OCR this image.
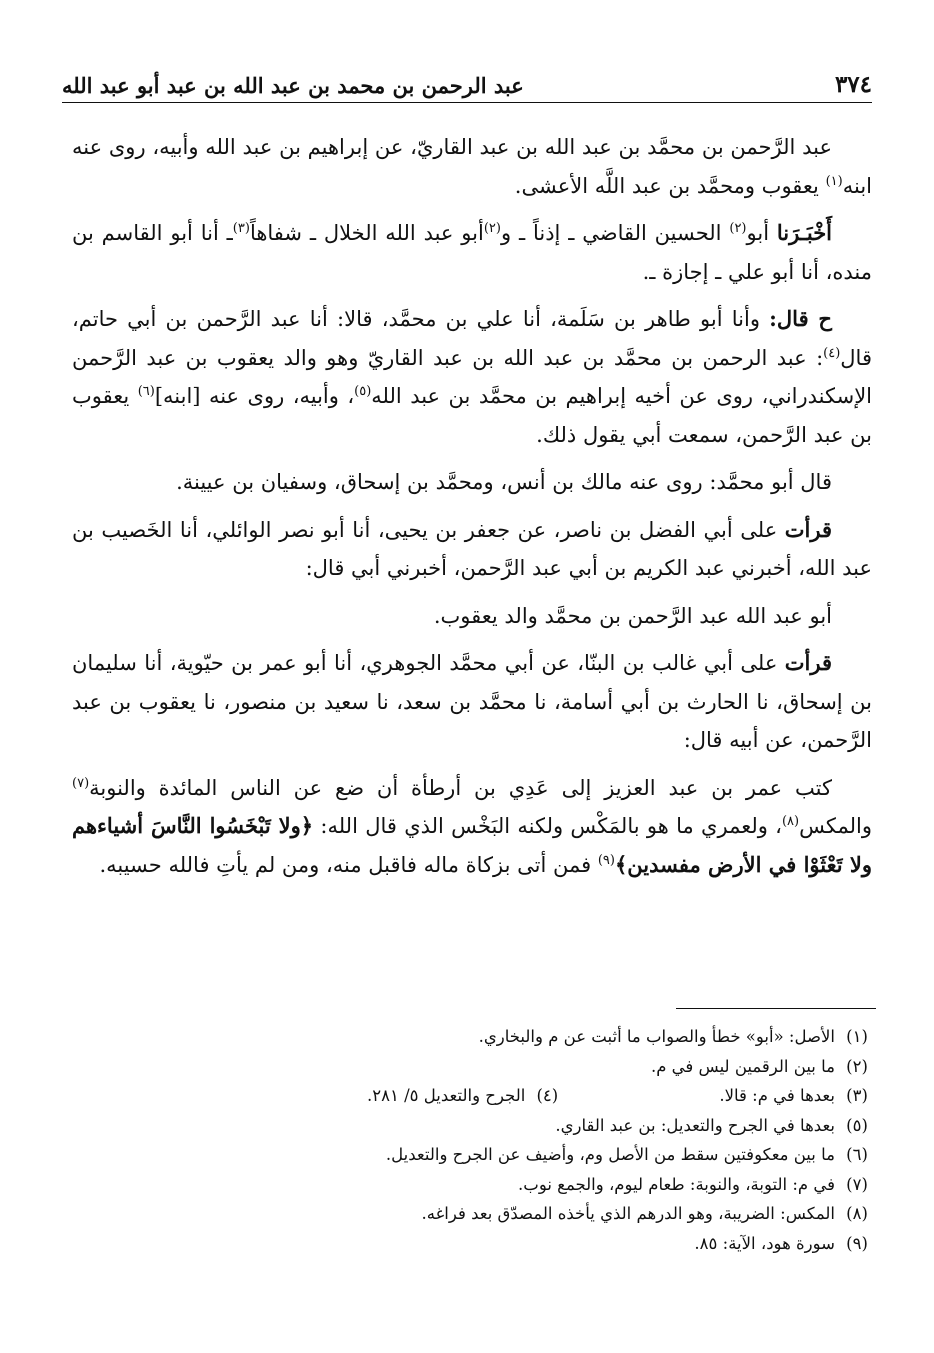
٣٧٤
عبد الرحمن بن محمد بن عبد الله بن عبد أبو عبد الله

عبد الرَّحمن بن محمَّد بن عبد الله بن عبد القاريّ، عن إبراهيم بن عبد الله وأبيه، روى عنه ابنه$^{(١)}$ يعقوب ومحمَّد بن عبد اللَّه الأعشى.

أَخْبَـرَنا أبو$^{(٢)}$ الحسين القاضي ـ إذناً ـ و$^{(٢)}$أبو عبد الله الخلال ـ شفاهاً$^{(٣)}$ـ أنا أبو القاسم بن منده، أنا أبو علي ـ إجازة ـ.

ح قال: وأنا أبو طاهر بن سَلَمة، أنا علي بن محمَّد، قالا: أنا عبد الرَّحمن بن أبي حاتم، قال$^{(٤)}$: عبد الرحمن بن محمَّد بن عبد الله بن عبد القاريّ وهو والد يعقوب بن عبد الرَّحمن الإسكندراني، روى عن أخيه إبراهيم بن محمَّد بن عبد الله$^{(٥)}$، وأبيه، روى عنه [ابنه]$^{(٦)}$ يعقوب بن عبد الرَّحمن، سمعت أبي يقول ذلك.

قال أبو محمَّد: روى عنه مالك بن أنس، ومحمَّد بن إسحاق، وسفيان بن عيينة.

قرأت على أبي الفضل بن ناصر، عن جعفر بن يحيى، أنا أبو نصر الوائلي، أنا الخَصيب بن عبد الله، أخبرني عبد الكريم بن أبي عبد الرَّحمن، أخبرني أبي قال:

أبو عبد الله عبد الرَّحمن بن محمَّد والد يعقوب.

قرأت على أبي غالب بن البنّا، عن أبي محمَّد الجوهري، أنا أبو عمر بن حيّوية، أنا سليمان بن إسحاق، نا الحارث بن أبي أسامة، نا محمَّد بن سعد، نا سعيد بن منصور، نا يعقوب بن عبد الرَّحمن، عن أبيه قال:

كتب عمر بن عبد العزيز إلى عَدِي بن أرطأة أن ضع عن الناس المائدة والنوبة$^{(٧)}$ والمكس$^{(٨)}$، ولعمري ما هو بالمَكْس ولكنه البَخْس الذي قال الله: ﴿ولا تَبْخَسُوا النَّاسَ أشياءهم ولا تَعْثَوْا في الأرض مفسدين﴾$^{(٩)}$ فمن أتى بزكاة ماله فاقبل منه، ومن لم يأتِ فالله حسيبه.

(١)
الأصل: «أبو» خطأ والصواب ما أثبت عن م والبخاري.
(٢)
ما بين الرقمين ليس في م.
(٣)
بعدها في م: قالا.
(٤)
الجرح والتعديل ٥/ ٢٨١.
(٥)
بعدها في الجرح والتعديل: بن عبد القاري.
(٦)
ما بين معكوفتين سقط من الأصل وم، وأضيف عن الجرح والتعديل.
(٧)
في م: التوبة، والنوبة: طعام ليوم، والجمع نوب.
(٨)
المكس: الضريبة، وهو الدرهم الذي يأخذه المصدّق بعد فراغه.
(٩)
سورة هود، الآية: ٨٥.
